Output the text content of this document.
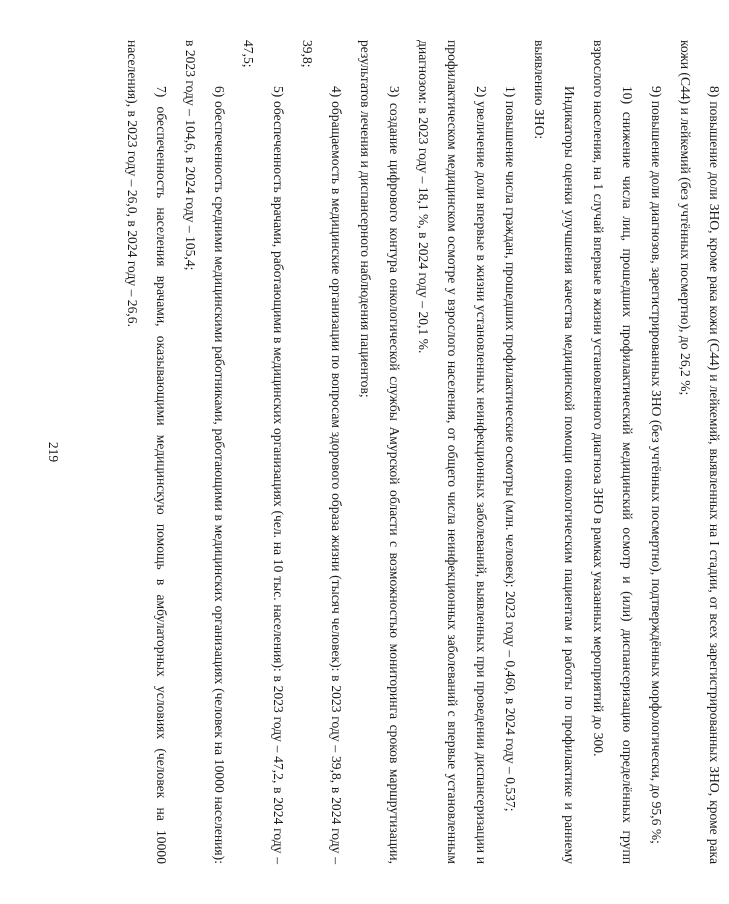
219	8) повышение доли ЗНО, кроме рака кожи (С44) и лейкемий, выявленных на I стадии, от всех зарегистрированных ЗНО, кроме рака кожи (С44) и лейкемий (без учтённых посмертно), до 26,2 %;

9) повышение доли диагнозов, зарегистрированных ЗНО (без учтённых посмертно), подтверждённых морфологически, до 95,6 %;

10) снижение числа лиц, прошедших профилактический медицинский осмотр и (или) диспансеризацию определённых групп взрослого населения, на 1 случай впервые в жизни установленного диагноза ЗНО в рамках указанных мероприятий до 300.

Индикаторы оценки улучшения качества медицинской помощи онкологическим пациентам и работы по профилактике и раннему выявлению ЗНО:

1) повышение числа граждан, прошедших профилактические осмотры (млн. человек): 2023 году – 0,460, в 2024 году – 0,537;

2) увеличение доли впервые в жизни установленных неинфекционных заболеваний, выявленных при проведении диспансеризации и профилактическом медицинском осмотре у взрослого населения, от общего числа неинфекционных заболеваний с впервые установленным диагнозом: в 2023 году – 18,1 %, в 2024 году – 20,1 %.

3) создание цифрового контура онкологической службы Амурской области с возможностью мониторинга сроков маршрутизации, результатов лечения и диспансерного наблюдения пациентов;

4) обращаемость в медицинские организации по вопросам здорового образа жизни (тысяч человек): в 2023 году – 39,8, в 2024 году – 39,8;

5) обеспеченность врачами, работающими в медицинских организациях (чел. на 10 тыс. населения): в 2023 году – 47,2, в 2024 году – 47,5;

6) обеспеченность средними медицинскими работниками, работающими в медицинских организациях (человек на 10000 населения): в 2023 году – 104,6, в 2024 году – 105,4;

7) обеспеченность населения врачами, оказывающими медицинскую помощь в амбулаторных условиях (человек на 10000 населения), в 2023 году – 26,0, в 2024 году – 26,6.
